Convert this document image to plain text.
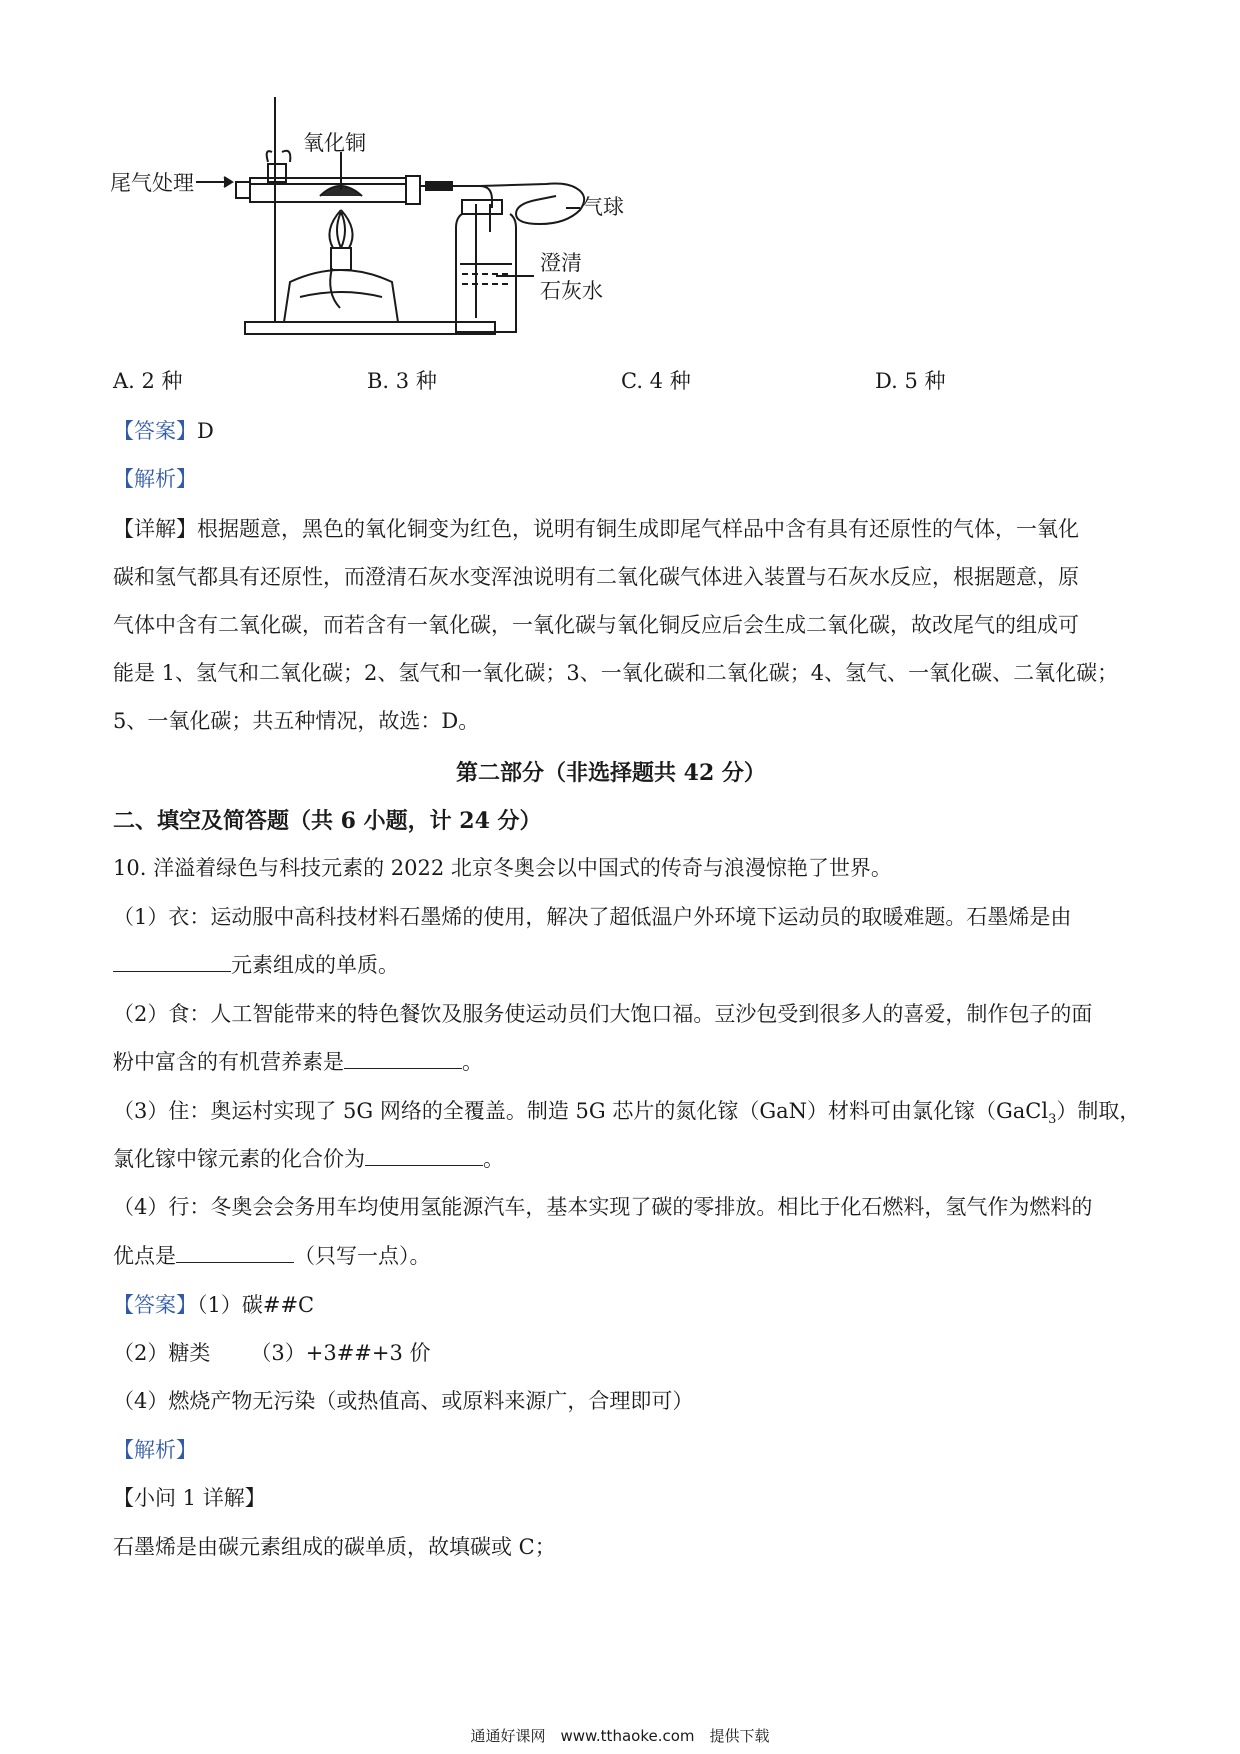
尾气处理
氧化铜
气球
澄清
石灰水
A. 2 种	B. 3 种	C. 4 种	D. 5 种
【答案】D
【解析】
【详解】根据题意，黑色的氧化铜变为红色，说明有铜生成即尾气样品中含有具有还原性的气体，一氧化
碳和氢气都具有还原性，而澄清石灰水变浑浊说明有二氧化碳气体进入装置与石灰水反应，根据题意，原
气体中含有二氧化碳，而若含有一氧化碳，一氧化碳与氧化铜反应后会生成二氧化碳，故改尾气的组成可
能是 1、氢气和二氧化碳；2、氢气和一氧化碳；3、一氧化碳和二氧化碳；4、氢气、一氧化碳、二氧化碳；
5、一氧化碳；共五种情况，故选：D。
第二部分（非选择题共 42 分）
二、填空及简答题（共 6 小题，计 24 分）
10. 洋溢着绿色与科技元素的 2022 北京冬奥会以中国式的传奇与浪漫惊艳了世界。
（1）衣：运动服中高科技材料石墨烯的使用，解决了超低温户外环境下运动员的取暖难题。石墨烯是由
元素组成的单质。
（2）食：人工智能带来的特色餐饮及服务使运动员们大饱口福。豆沙包受到很多人的喜爱，制作包子的面
粉中富含的有机营养素是	。
（3）住：奥运村实现了 5G 网络的全覆盖。制造 5G 芯片的氮化镓（GaN）材料可由氯化镓（GaCl$_3$）制取，
氯化镓中镓元素的化合价为	。
（4）行：冬奥会会务用车均使用氢能源汽车，基本实现了碳的零排放。相比于化石燃料，氢气作为燃料的
优点是	（只写一点）。
【答案】（1）碳##C
（2）糖类 （3）+3##+3 价
（4）燃烧产物无污染（或热值高、或原料来源广，合理即可）
【解析】
【小问 1 详解】
石墨烯是由碳元素组成的碳单质，故填碳或 C；
通通好课网　www.tthaoke.com　提供下载
